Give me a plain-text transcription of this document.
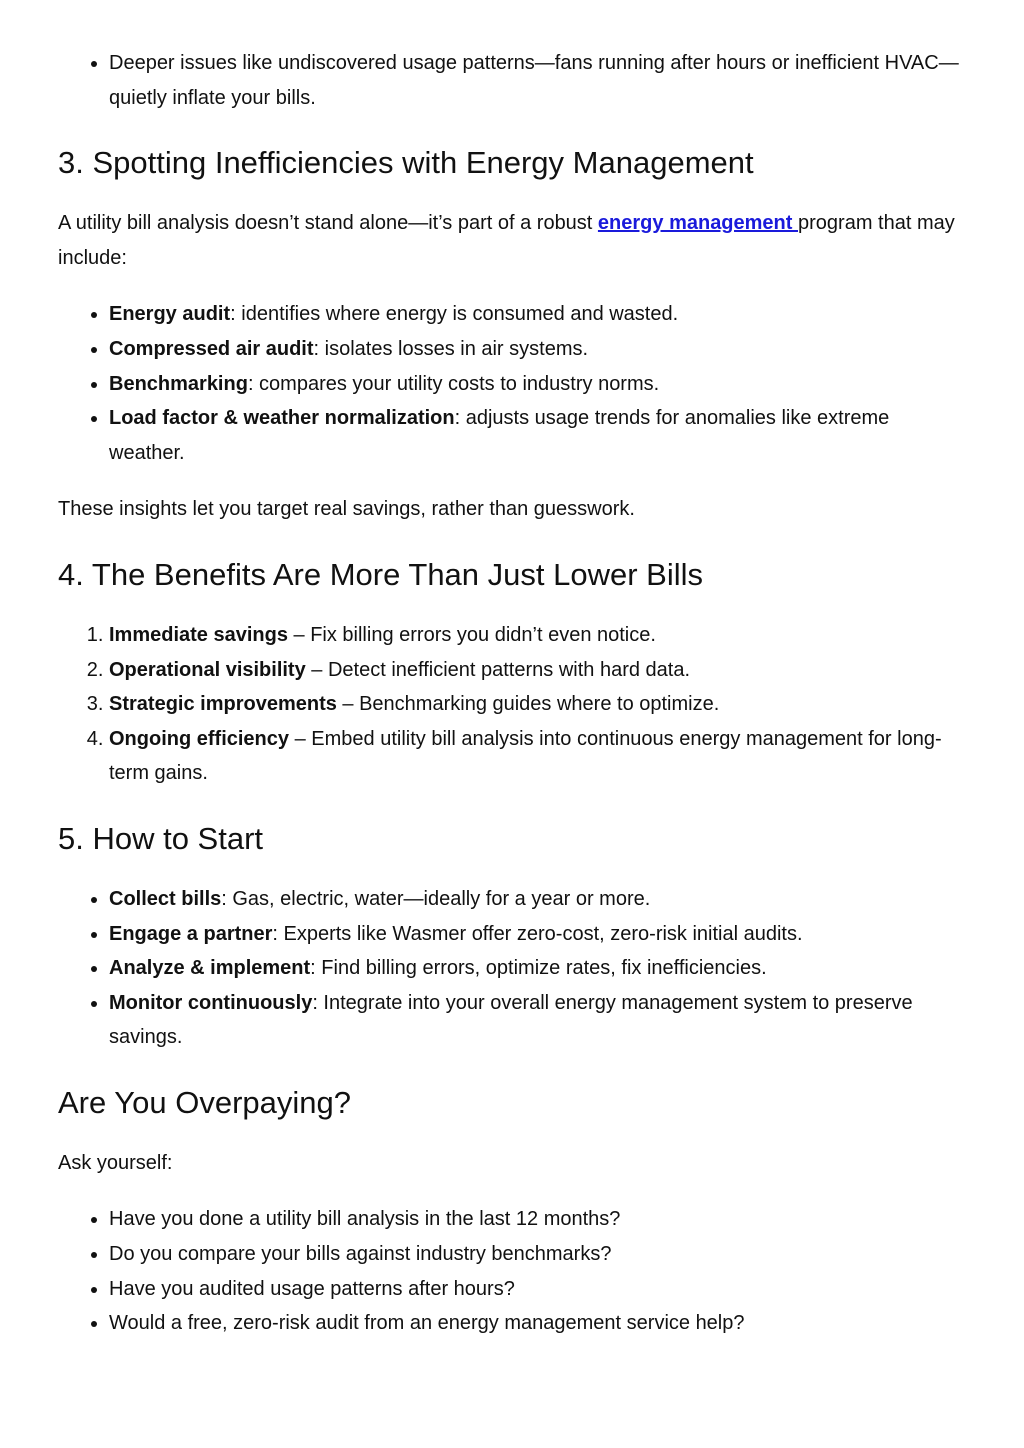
• Deeper issues like undiscovered usage patterns—fans running after hours or inefficient HVAC—quietly inflate your bills.
3. Spotting Inefficiencies with Energy Management

A utility bill analysis doesn’t stand alone—it’s part of a robust energy management program that may include:

• Energy audit: identifies where energy is consumed and wasted.
• Compressed air audit: isolates losses in air systems.
• Benchmarking: compares your utility costs to industry norms.
• Load factor & weather normalization: adjusts usage trends for anomalies like extreme weather.

These insights let you target real savings, rather than guesswork.

4. The Benefits Are More Than Just Lower Bills
1. Immediate savings – Fix billing errors you didn’t even notice.
2. Operational visibility – Detect inefficient patterns with hard data.
3. Strategic improvements – Benchmarking guides where to optimize.
4. Ongoing efficiency – Embed utility bill analysis into continuous energy management for long-term gains.
5. How to Start
• Collect bills: Gas, electric, water—ideally for a year or more.
• Engage a partner: Experts like Wasmer offer zero-cost, zero-risk initial audits.
• Analyze & implement: Find billing errors, optimize rates, fix inefficiencies.
• Monitor continuously: Integrate into your overall energy management system to preserve savings.
Are You Overpaying?

Ask yourself:

• Have you done a utility bill analysis in the last 12 months?
• Do you compare your bills against industry benchmarks?
• Have you audited usage patterns after hours?
• Would a free, zero-risk audit from an energy management service help?
